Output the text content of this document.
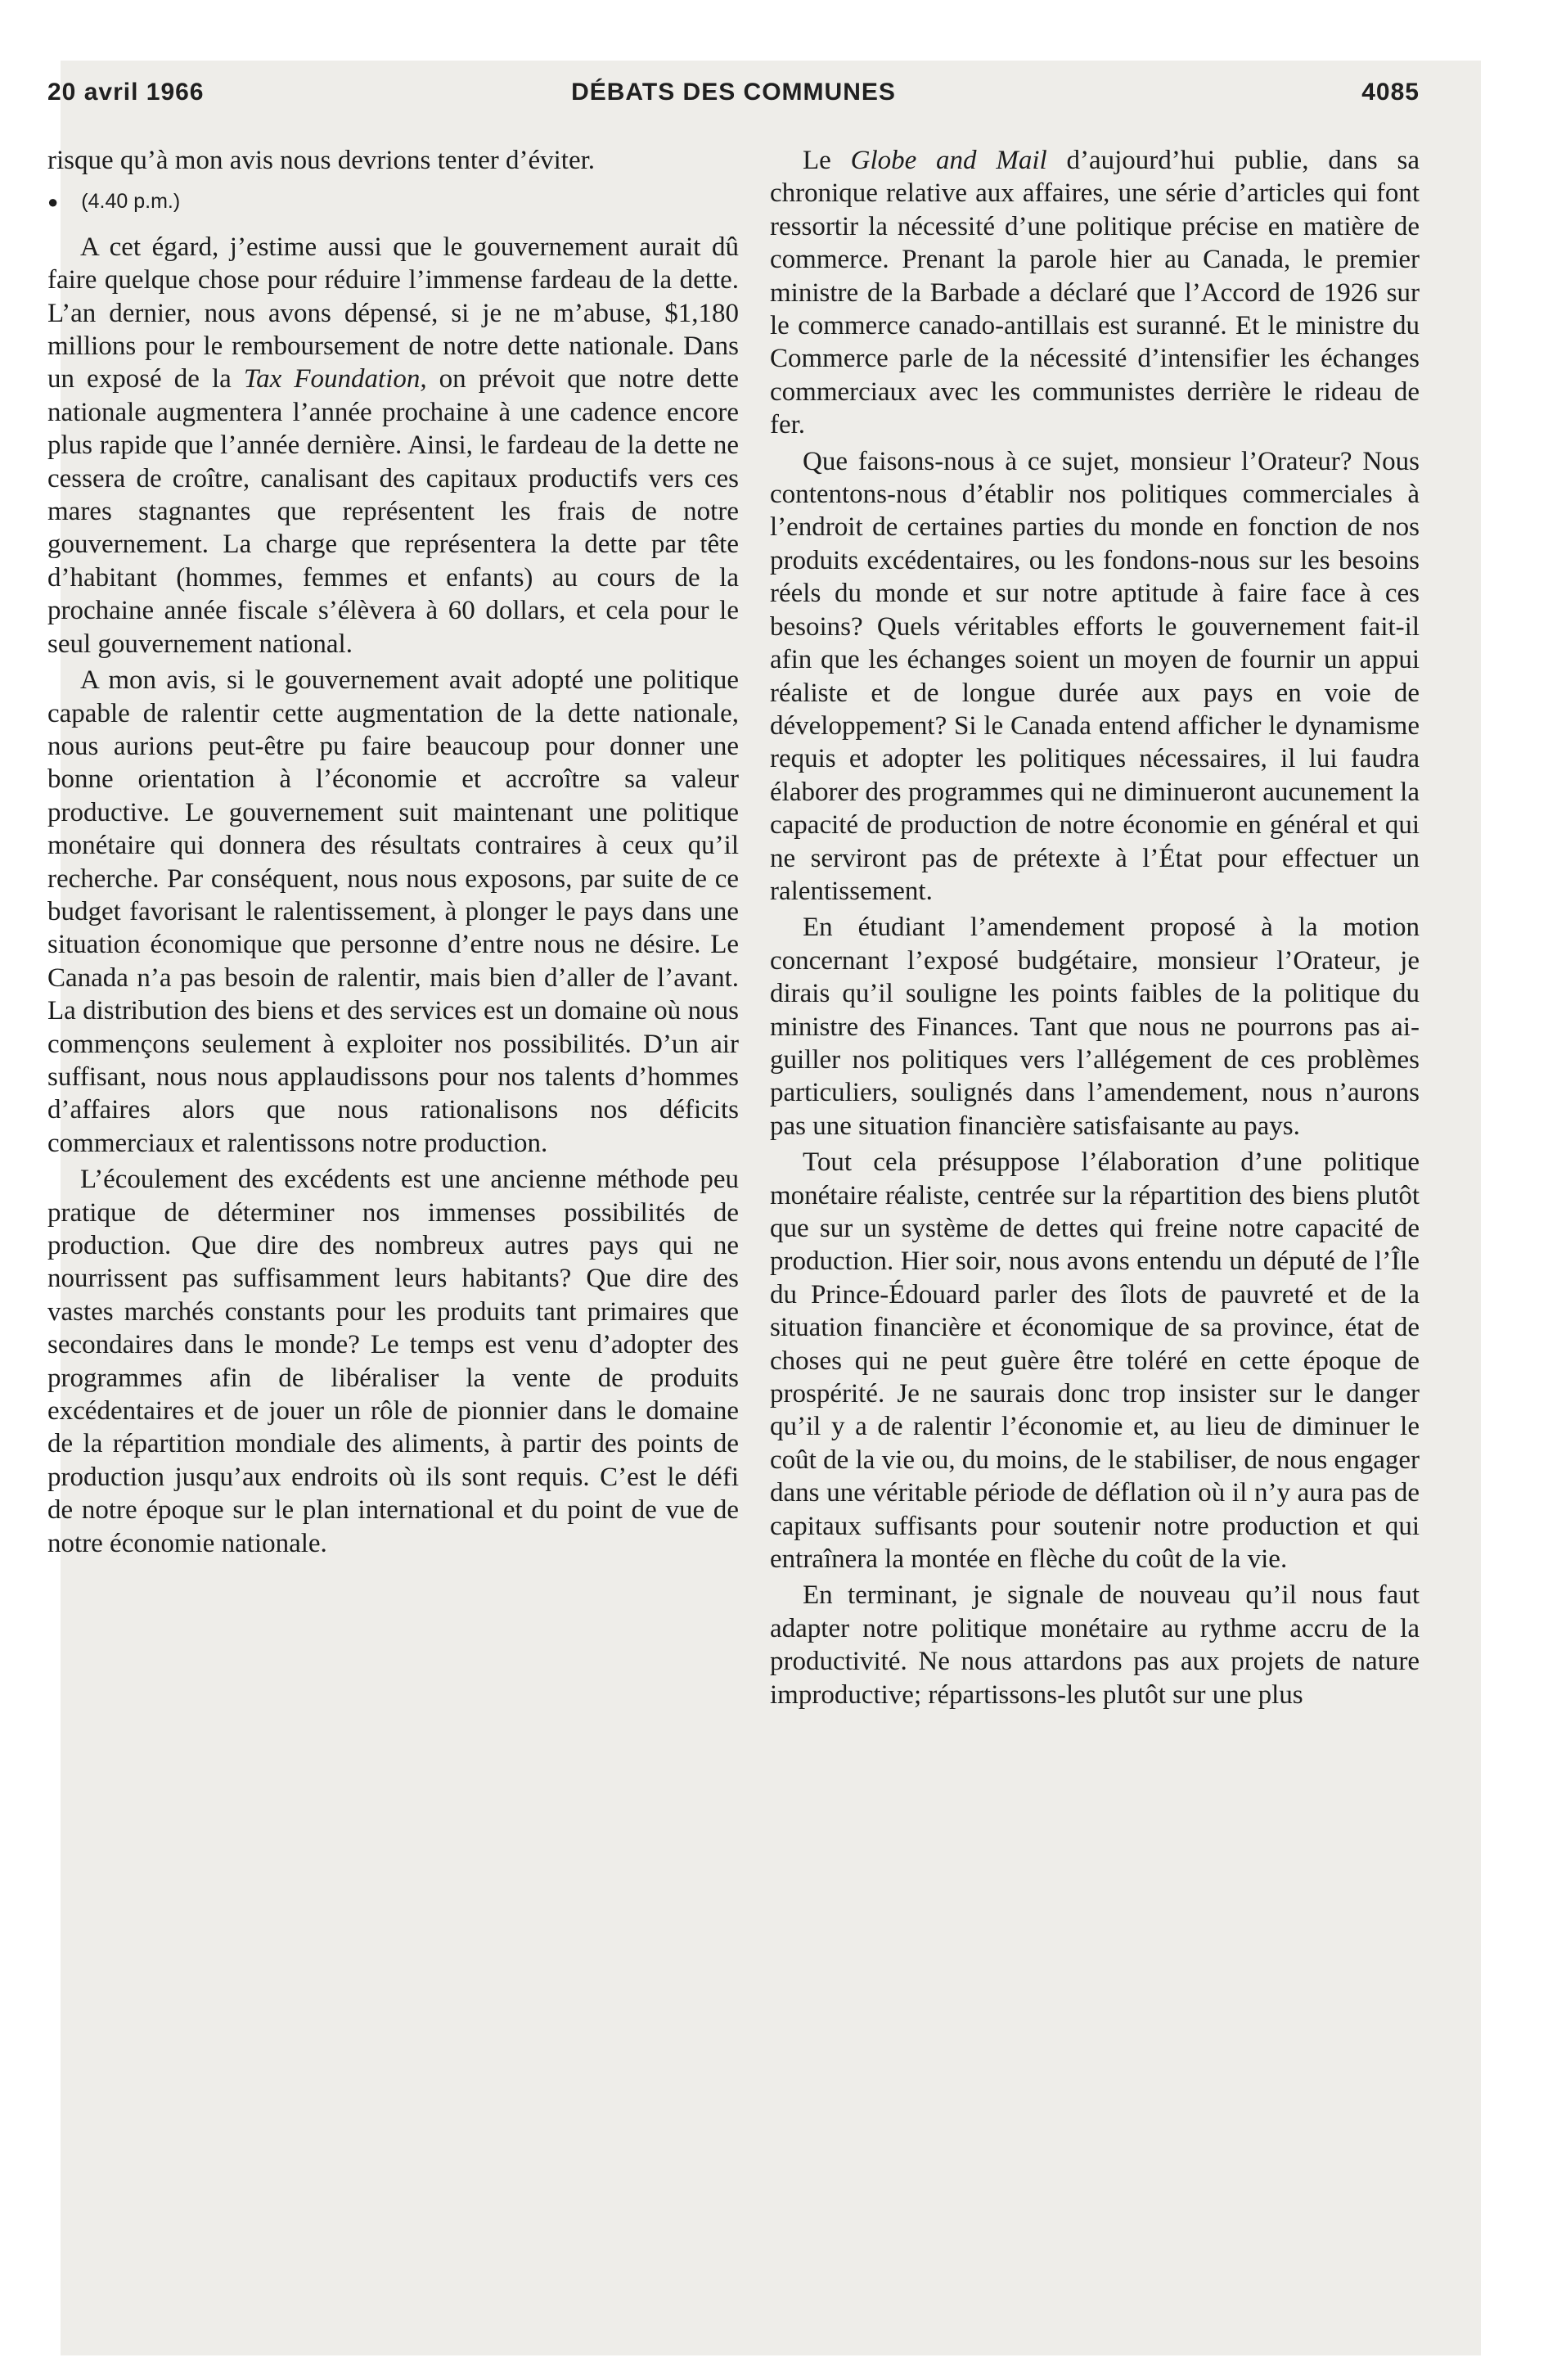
20 avril 1966	DÉBATS DES COMMUNES	4085

risque qu’à mon avis nous devrions tenter d’éviter.

● (4.40 p.m.)

A cet égard, j’estime aussi que le gouvernement aurait dû faire quelque chose pour réduire l’immense fardeau de la dette. L’an dernier, nous avons dépensé, si je ne m’abuse, $1,180 millions pour le remboursement de notre dette nationale. Dans un exposé de la Tax Foundation, on prévoit que notre dette nationale augmentera l’année prochaine à une cadence encore plus rapide que l’année dernière. Ainsi, le fardeau de la dette ne cessera de croître, canalisant des capitaux productifs vers ces mares stagnantes que représentent les frais de notre gouvernement. La charge que représentera la dette par tête d’habitant (hommes, femmes et enfants) au cours de la prochaine année fiscale s’élèvera à 60 dollars, et cela pour le seul gouvernement national.

A mon avis, si le gouvernement avait adopté une politique capable de ralentir cette augmentation de la dette nationale, nous aurions peut-être pu faire beaucoup pour donner une bonne orientation à l’économie et accroître sa valeur productive. Le gouvernement suit maintenant une politique monétaire qui donnera des résultats contraires à ceux qu’il recherche. Par conséquent, nous nous exposons, par suite de ce budget favorisant le ralentissement, à plonger le pays dans une situation économique que personne d’entre nous ne désire. Le Canada n’a pas besoin de ralentir, mais bien d’aller de l’avant. La distribution des biens et des services est un domaine où nous commençons seulement à exploiter nos possibilités. D’un air suffisant, nous nous applaudissons pour nos talents d’hommes d’affaires alors que nous rationalisons nos déficits commerciaux et ralentissons notre production.

L’écoulement des excédents est une ancienne méthode peu pratique de déterminer nos immenses possibilités de production. Que dire des nombreux autres pays qui ne nourrissent pas suffisamment leurs habitants? Que dire des vastes marchés constants pour les produits tant primaires que secondaires dans le monde? Le temps est venu d’adopter des programmes afin de libéraliser la vente de produits excédentaires et de jouer un rôle de pionnier dans le domaine de la répartition mondiale des aliments, à partir des points de production jusqu’aux endroits où ils sont requis. C’est le défi de notre époque sur le plan international et du point de vue de notre économie nationale.

Le Globe and Mail d’aujourd’hui publie, dans sa chronique relative aux affaires, une série d’articles qui font ressortir la nécessité d’une politique précise en matière de commerce. Prenant la parole hier au Canada, le premier ministre de la Barbade a déclaré que l’Accord de 1926 sur le commerce canado-antillais est suranné. Et le ministre du Commerce parle de la nécessité d’intensifier les échanges commerciaux avec les communistes derrière le rideau de fer.

Que faisons-nous à ce sujet, monsieur l’Orateur? Nous contentons-nous d’établir nos politiques commerciales à l’endroit de certaines parties du monde en fonction de nos produits excédentaires, ou les fondons-nous sur les besoins réels du monde et sur notre aptitude à faire face à ces besoins? Quels véritables efforts le gouvernement fait-il afin que les échanges soient un moyen de fournir un appui réaliste et de longue durée aux pays en voie de développement? Si le Canada entend afficher le dynamisme requis et adopter les politiques nécessaires, il lui faudra élaborer des programmes qui ne diminueront aucunement la capacité de production de notre économie en général et qui ne serviront pas de prétexte à l’État pour effectuer un ralentissement.

En étudiant l’amendement proposé à la motion concernant l’exposé budgétaire, monsieur l’Orateur, je dirais qu’il souligne les points faibles de la politique du ministre des Finances. Tant que nous ne pourrons pas aiguiller nos politiques vers l’allégement de ces problèmes particuliers, soulignés dans l’amendement, nous n’aurons pas une situation financière satisfaisante au pays.

Tout cela présuppose l’élaboration d’une politique monétaire réaliste, centrée sur la répartition des biens plutôt que sur un système de dettes qui freine notre capacité de production. Hier soir, nous avons entendu un député de l’Île du Prince-Édouard parler des îlots de pauvreté et de la situation financière et économique de sa province, état de choses qui ne peut guère être toléré en cette époque de prospérité. Je ne saurais donc trop insister sur le danger qu’il y a de ralentir l’économie et, au lieu de diminuer le coût de la vie ou, du moins, de le stabiliser, de nous engager dans une véritable période de déflation où il n’y aura pas de capitaux suffisants pour soutenir notre production et qui entraînera la montée en flèche du coût de la vie.

En terminant, je signale de nouveau qu’il nous faut adapter notre politique monétaire au rythme accru de la productivité. Ne nous attardons pas aux projets de nature improductive; répartissons-les plutôt sur une plus
